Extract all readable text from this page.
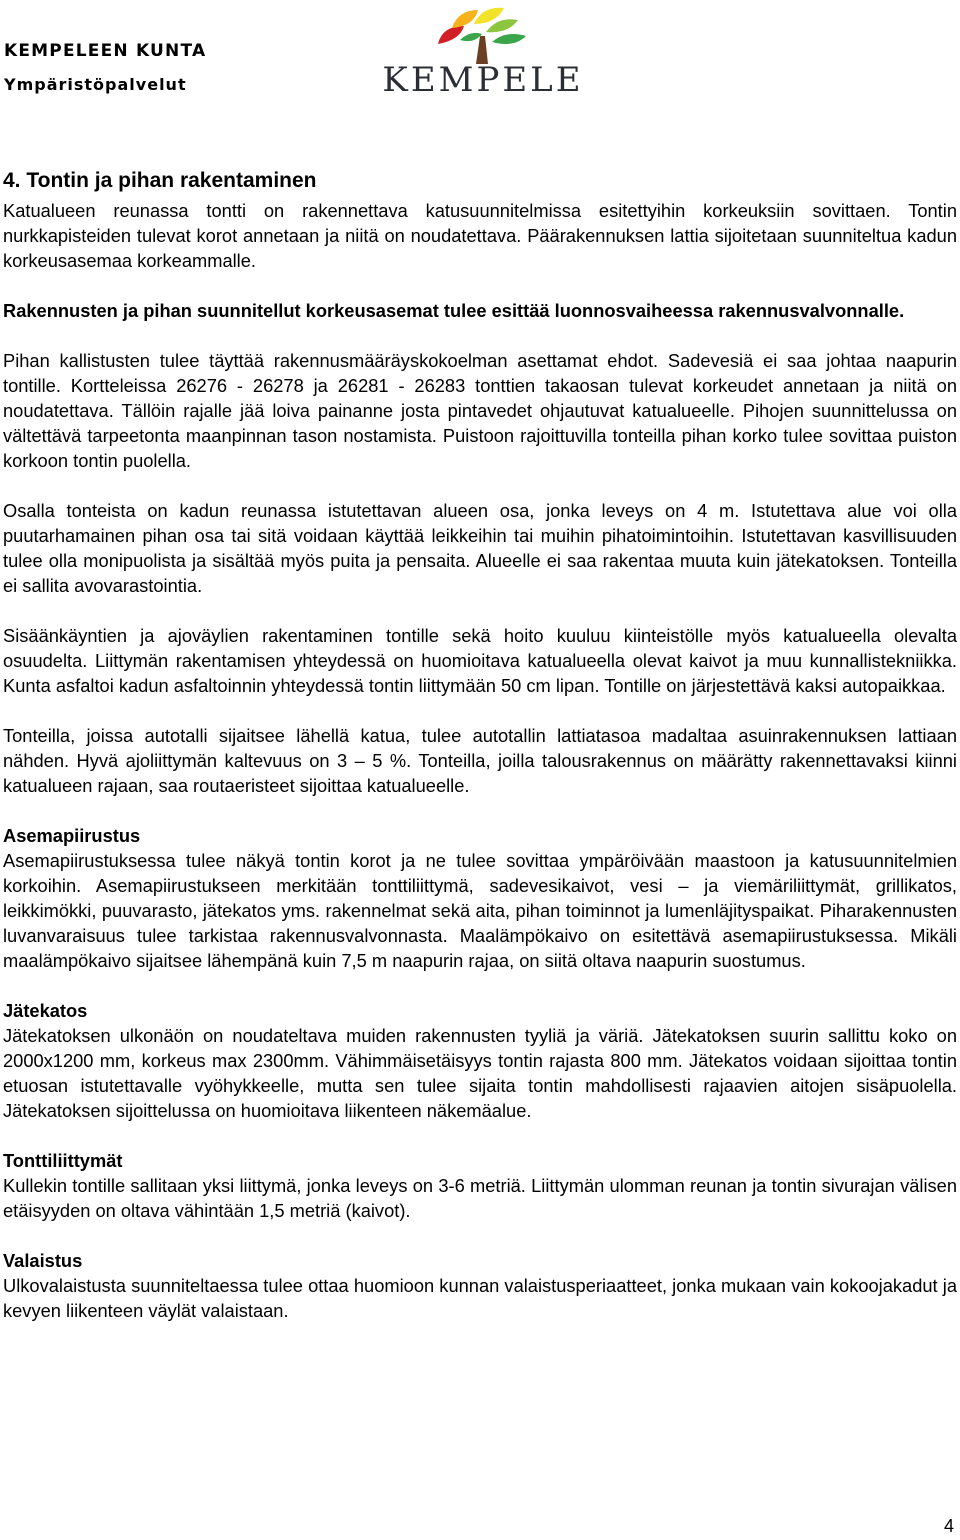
KEMPELEEN KUNTA
Ympäristöpalvelut	KEMPELE
4. Tontin ja pihan rakentaminen

Katualueen reunassa tontti on rakennettava katusuunnitelmissa esitettyihin korkeuksiin sovittaen. Tontin nurkkapisteiden tulevat korot annetaan ja niitä on noudatettava. Päärakennuksen lattia sijoitetaan suunniteltua kadun korkeusasemaa korkeammalle.

Rakennusten ja pihan suunnitellut korkeusasemat tulee esittää luonnosvaiheessa rakennusvalvonnalle.

Pihan kallistusten tulee täyttää rakennusmääräyskokoelman asettamat ehdot. Sadevesiä ei saa johtaa naapurin tontille. Kortteleissa 26276 - 26278 ja 26281 - 26283 tonttien takaosan tulevat korkeudet annetaan ja niitä on noudatettava. Tällöin rajalle jää loiva painanne josta pintavedet ohjautuvat katualueelle. Pihojen suunnittelussa on vältettävä tarpeetonta maanpinnan tason nostamista. Puistoon rajoittuvilla tonteilla pihan korko tulee sovittaa puiston korkoon tontin puolella.

Osalla tonteista on kadun reunassa istutettavan alueen osa, jonka leveys on 4 m. Istutettava alue voi olla puutarhamainen pihan osa tai sitä voidaan käyttää leikkeihin tai muihin pihatoimintoihin. Istutettavan kasvillisuuden tulee olla monipuolista ja sisältää myös puita ja pensaita. Alueelle ei saa rakentaa muuta kuin jätekatoksen. Tonteilla ei sallita avovarastointia.

Sisäänkäyntien ja ajoväylien rakentaminen tontille sekä hoito kuuluu kiinteistölle myös katualueella olevalta osuudelta. Liittymän rakentamisen yhteydessä on huomioitava katualueella olevat kaivot ja muu kunnallistekniikka. Kunta asfaltoi kadun asfaltoinnin yhteydessä tontin liittymään 50 cm lipan. Tontille on järjestettävä kaksi autopaikkaa.

Tonteilla, joissa autotalli sijaitsee lähellä katua, tulee autotallin lattiatasoa madaltaa asuinrakennuksen lattiaan nähden. Hyvä ajoliittymän kaltevuus on 3 – 5 %. Tonteilla, joilla talousrakennus on määrätty rakennettavaksi kiinni katualueen rajaan, saa routaeristeet sijoittaa katualueelle.

Asemapiirustus

Asemapiirustuksessa tulee näkyä tontin korot ja ne tulee sovittaa ympäröivään maastoon ja katusuunnitelmien korkoihin. Asemapiirustukseen merkitään tonttiliittymä, sadevesikaivot, vesi – ja viemäriliittymät, grillikatos, leikkimökki, puuvarasto, jätekatos yms. rakennelmat sekä aita, pihan toiminnot ja lumenläjityspaikat. Piharakennusten luvanvaraisuus tulee tarkistaa rakennusvalvonnasta. Maalämpökaivo on esitettävä asemapiirustuksessa. Mikäli maalämpökaivo sijaitsee lähempänä kuin 7,5 m naapurin rajaa, on siitä oltava naapurin suostumus.

Jätekatos

Jätekatoksen ulkonäön on noudateltava muiden rakennusten tyyliä ja väriä. Jätekatoksen suurin sallittu koko on 2000x1200 mm, korkeus max 2300mm. Vähimmäisetäisyys tontin rajasta 800 mm. Jätekatos voidaan sijoittaa tontin etuosan istutettavalle vyöhykkeelle, mutta sen tulee sijaita tontin mahdollisesti rajaavien aitojen sisäpuolella. Jätekatoksen sijoittelussa on huomioitava liikenteen näkemäalue.

Tonttiliittymät

Kullekin tontille sallitaan yksi liittymä, jonka leveys on 3-6 metriä. Liittymän ulomman reunan ja tontin sivurajan välisen etäisyyden on oltava vähintään 1,5 metriä (kaivot).

Valaistus

Ulkovalaistusta suunniteltaessa tulee ottaa huomioon kunnan valaistusperiaatteet, jonka mukaan vain kokoojakadut ja kevyen liikenteen väylät valaistaan.

4
